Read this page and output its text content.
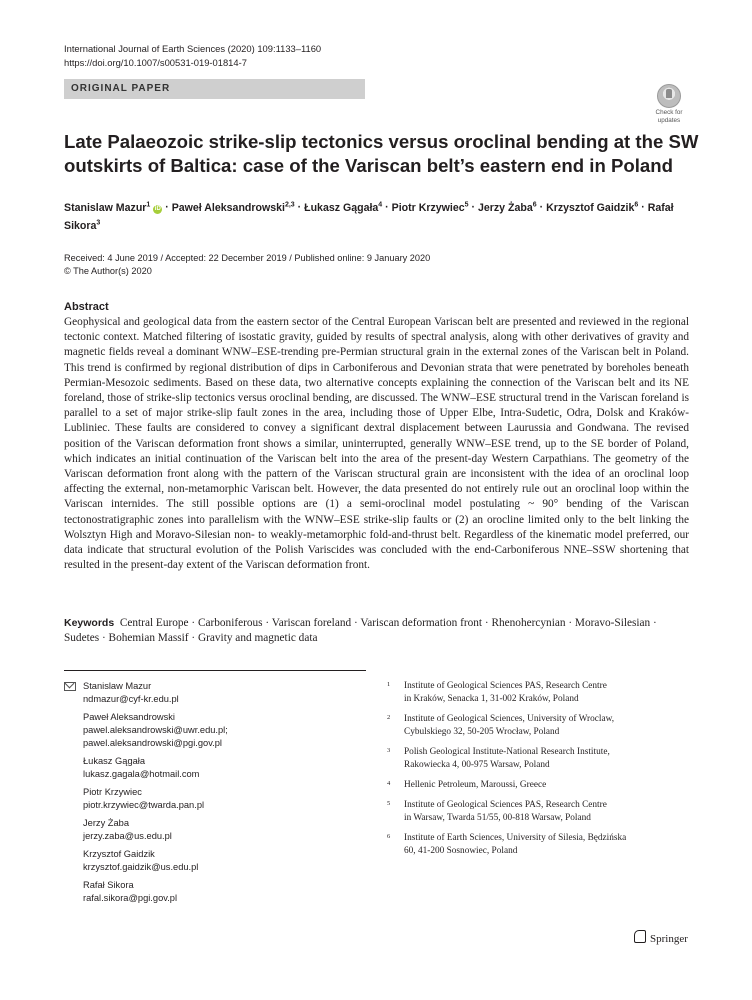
International Journal of Earth Sciences (2020) 109:1133–1160
https://doi.org/10.1007/s00531-019-01814-7
ORIGINAL PAPER
Check for
updates
Late Palaeozoic strike-slip tectonics versus oroclinal bending at the SW outskirts of Baltica: case of the Variscan belt’s eastern end in Poland
Stanislaw Mazur$^1$ iD · Paweł Aleksandrowski$^{2,3}$ · Łukasz Gągała$^4$ · Piotr Krzywiec$^5$ · Jerzy Żaba$^6$ · Krzysztof Gaidzik$^6$ · Rafał Sikora$^3$
Received: 4 June 2019 / Accepted: 22 December 2019 / Published online: 9 January 2020
© The Author(s) 2020
Abstract
Geophysical and geological data from the eastern sector of the Central European Variscan belt are presented and reviewed in the regional tectonic context. Matched filtering of isostatic gravity, guided by results of spectral analysis, along with other derivatives of gravity and magnetic fields reveal a dominant WNW–ESE-trending pre-Permian structural grain in the external zones of the Variscan belt in Poland. This trend is confirmed by regional distribution of dips in Carboniferous and Devonian strata that were penetrated by boreholes beneath Permian-Mesozoic sediments. Based on these data, two alternative concepts explaining the connection of the Variscan belt and its NE foreland, those of strike-slip tectonics versus oroclinal bending, are discussed. The WNW–ESE structural trend in the Variscan foreland is parallel to a set of major strike-slip fault zones in the area, including those of Upper Elbe, Intra-Sudetic, Odra, Dolsk and Kraków-Lubliniec. These faults are considered to convey a significant dextral displacement between Laurussia and Gondwana. The revised position of the Variscan deformation front shows a similar, uninterrupted, generally WNW–ESE trend, up to the SE border of Poland, which indicates an initial continuation of the Variscan belt into the area of the present-day Western Carpathians. The geometry of the Variscan deformation front along with the pattern of the Variscan structural grain are inconsistent with the idea of an oroclinal loop affecting the external, non-metamorphic Variscan belt. However, the data presented do not entirely rule out an oroclinal loop within the Variscan internides. The still possible options are (1) a semi-oroclinal model postulating ~ 90° bending of the Variscan tectonostratigraphic zones into parallelism with the WNW–ESE strike-slip faults or (2) an orocline limited only to the belt linking the Wolsztyn High and Moravo-Silesian non- to weakly-metamorphic fold-and-thrust belt. Regardless of the kinematic model preferred, our data indicate that structural evolution of the Polish Variscides was concluded with the end-Carboniferous NNE–SSW shortening that resulted in the present-day extent of the Variscan deformation front.
Keywords Central Europe · Carboniferous · Variscan foreland · Variscan deformation front · Rhenohercynian · Moravo-Silesian · Sudetes · Bohemian Massif · Gravity and magnetic data
Stanislaw Mazur
ndmazur@cyf-kr.edu.pl
Paweł Aleksandrowski
pawel.aleksandrowski@uwr.edu.pl;
pawel.aleksandrowski@pgi.gov.pl
Łukasz Gągała
lukasz.gagala@hotmail.com
Piotr Krzywiec
piotr.krzywiec@twarda.pan.pl
Jerzy Żaba
jerzy.zaba@us.edu.pl
Krzysztof Gaidzik
krzysztof.gaidzik@us.edu.pl
Rafał Sikora
rafal.sikora@pgi.gov.pl
1 Institute of Geological Sciences PAS, Research Centre
in Kraków, Senacka 1, 31-002 Kraków, Poland
2 Institute of Geological Sciences, University of Wroclaw,
Cybulskiego 32, 50-205 Wrocław, Poland
3 Polish Geological Institute-National Research Institute,
Rakowiecka 4, 00-975 Warsaw, Poland
4 Hellenic Petroleum, Maroussi, Greece
5 Institute of Geological Sciences PAS, Research Centre
in Warsaw, Twarda 51/55, 00-818 Warsaw, Poland
6 Institute of Earth Sciences, University of Silesia, Będzińska
60, 41-200 Sosnowiec, Poland
Springer
